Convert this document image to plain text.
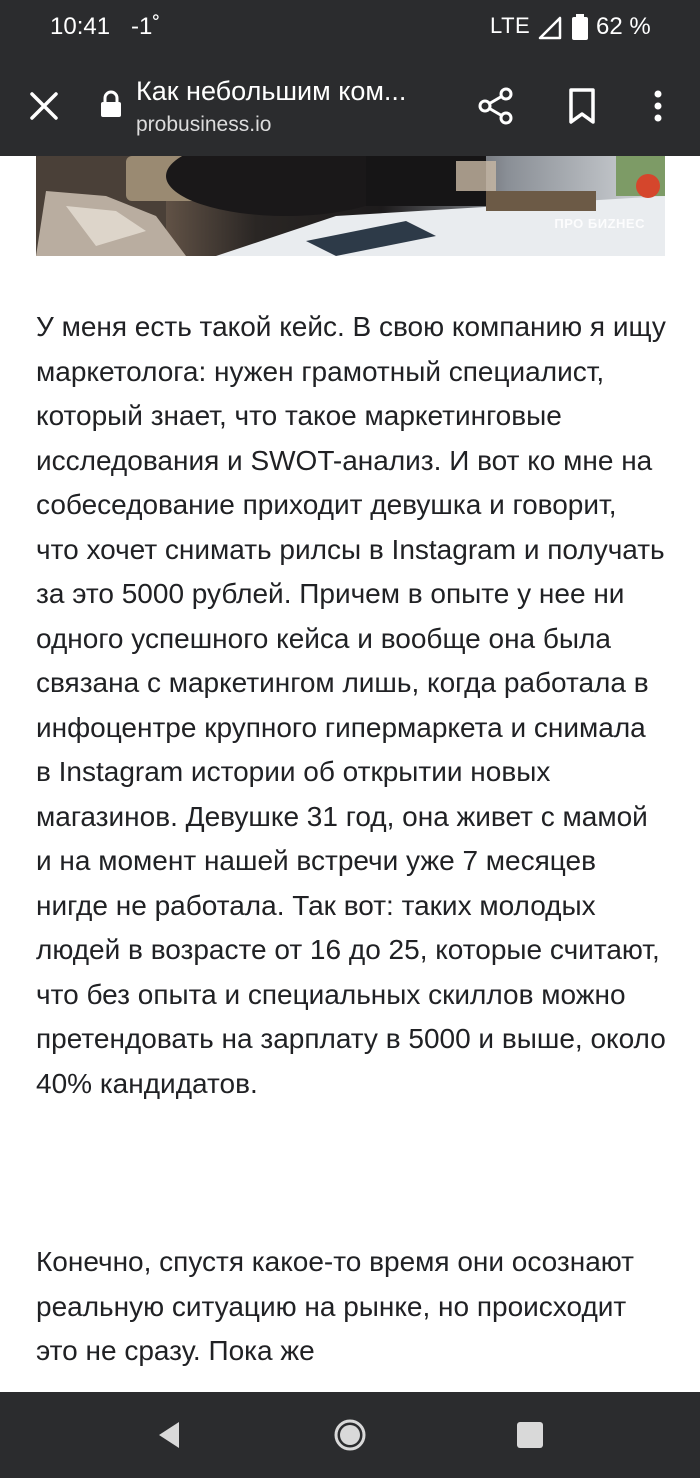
10:41 -1˚	LTE	62 %
Как небольшим ком...
probusiness.io
ПРО БИZНЕС

У меня есть такой кейс. В свою компанию я ищу маркетолога: нужен грамотный специалист, который знает, что такое маркетинговые исследования и SWOT-анализ. И вот ко мне на собеседование приходит девушка и говорит, что хочет снимать рилсы в Instagram и получать за это 5000 рублей. Причем в опыте у нее ни одного успешного кейса и вообще она была связана с маркетингом лишь, когда работала в инфоцентре крупного гипермаркета и снимала в Instagram истории об открытии новых магазинов. Девушке 31 год, она живет с мамой и на момент нашей встречи уже 7 месяцев нигде не работала. Так вот: таких молодых людей в возрасте от 16 до 25, которые считают, что без опыта и специальных скиллов можно претендовать на зарплату в 5000 и выше, около 40% кандидатов.

Конечно, спустя какое-то время они осознают реальную ситуацию на рынке, но происходит это не сразу. Пока же
